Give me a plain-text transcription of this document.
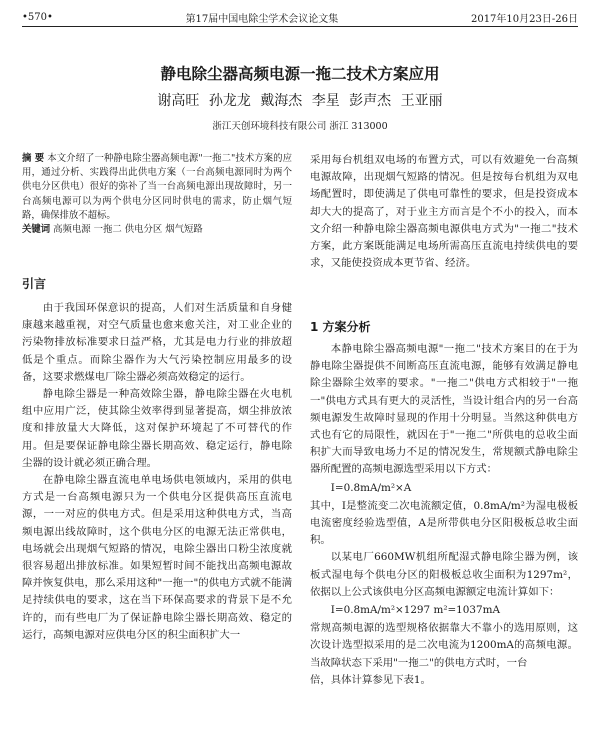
•570•	第17届中国电除尘学术会议论文集	2017年10月23日-26日
静电除尘器高频电源一拖二技术方案应用
谢高旺 孙龙龙 戴海杰 李星 彭声杰 王亚丽
浙江天创环境科技有限公司 浙江 313000

摘 要 本文介绍了一种静电除尘器高频电源"一拖二"技术方案的应用，通过分析、实践得出此供电方案（一台高频电源同时为两个供电分区供电）很好的弥补了当一台高频电源出现故障时，另一台高频电源可以为两个供电分区同时供电的需求，防止烟气短路，确保排放不超标。

关键词 高频电源 一拖二 供电分区 烟气短路

引言

由于我国环保意识的提高，人们对生活质量和自身健康越来越重视，对空气质量也愈来愈关注，对工业企业的污染物排放标准要求日益严格，尤其是电力行业的排放超低是个重点。而除尘器作为大气污染控制应用最多的设备，这要求燃煤电厂除尘器必须高效稳定的运行。

静电除尘器是一种高效除尘器，静电除尘器在火电机组中应用广泛，使其除尘效率得到显著提高，烟尘排放浓度和排放量大大降低，这对保护环境起了不可替代的作用。但是要保证静电除尘器长期高效、稳定运行，静电除尘器的设计就必须正确合理。

在静电除尘器直流电单电场供电领域内，采用的供电方式是一台高频电源只为一个供电分区提供高压直流电源，一一对应的供电方式。但是采用这种供电方式，当高频电源出线故障时，这个供电分区的电源无法正常供电，电场就会出现烟气短路的情况，电除尘器出口粉尘浓度就很容易超出排放标准。如果短暂时间不能找出高频电源故障并恢复供电，那么采用这种"一拖一"的供电方式就不能满足持续供电的要求，这在当下环保高要求的背景下是不允许的，而有些电厂为了保证静电除尘器长期高效、稳定的运行，高频电源对应供电分区的积尘面积扩大一

采用每台机组双电场的布置方式，可以有效避免一台高频电源故障，出现烟气短路的情况。但是按每台机组为双电场配置时，即使满足了供电可靠性的要求，但是投资成本却大大的提高了，对于业主方而言是个不小的投入，而本文介绍一种静电除尘器高频电源供电方式为"一拖二"技术方案，此方案既能满足电场所需高压直流电持续供电的要求，又能使投资成本更节省、经济。

1 方案分析

本静电除尘器高频电源"一拖二"技术方案目的在于为静电除尘器提供不间断高压直流电源，能够有效满足静电除尘器除尘效率的要求。"一拖二"供电方式相较于"一拖一"供电方式具有更大的灵活性，当设计组合内的另一台高频电源发生故障时显现的作用十分明显。当然这种供电方式也有它的局限性，就因在于"一拖二"所供电的总收尘面积扩大而导致电场力不足的情况发生，常规额式静电除尘器所配置的高频电源选型采用以下方式：

I=0.8mA/m²×A

其中，I是整流变二次电流额定值，0.8mA/m²为湿电极板电流密度经验选型值，A是所带供电分区阳极板总收尘面积。

以某电厂660MW机组所配湿式静电除尘器为例，该板式湿电每个供电分区的阳极板总收尘面积为1297m²，依据以上公式该供电分区高频电源额定电流计算如下：

I=0.8mA/m²×1297 m²=1037mA

常规高频电源的选型规格依据靠大不靠小的选用原则，这次设计选型拟采用的是二次电流为1200mA的高频电源。当故障状态下采用"一拖二"的供电方式时，一台

倍，具体计算参见下表1。
